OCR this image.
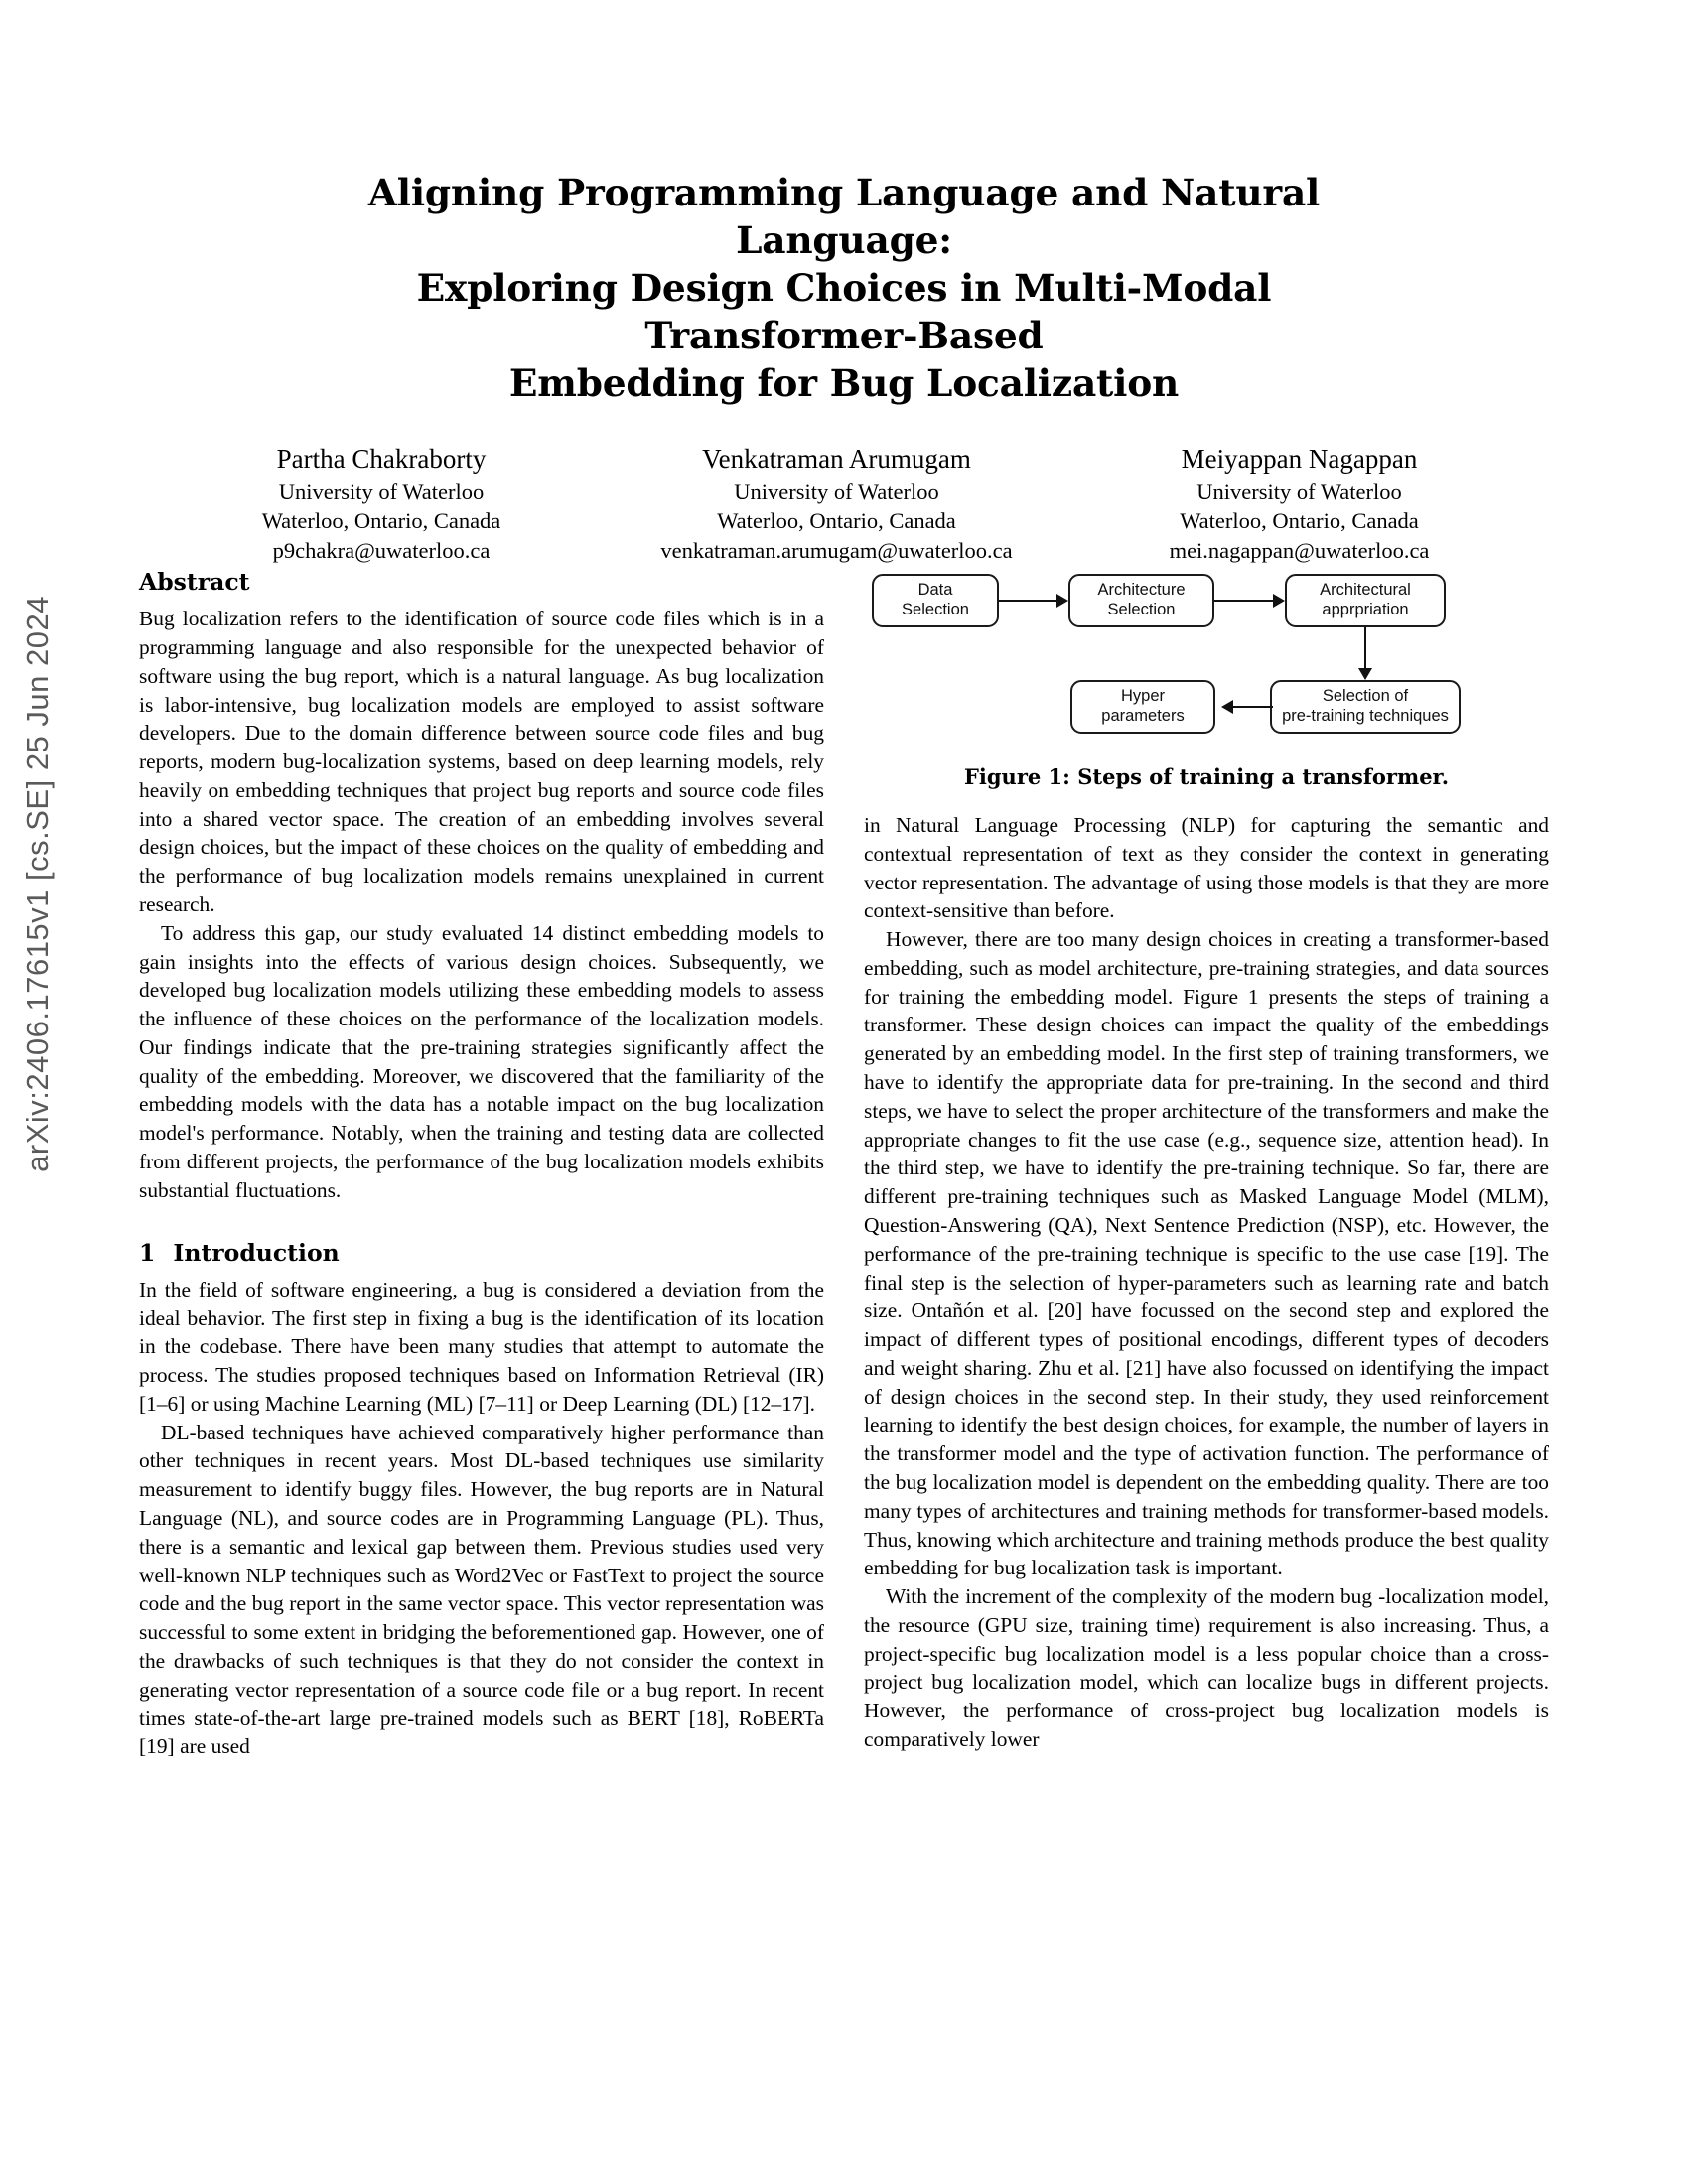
arXiv:2406.17615v1 [cs.SE] 25 Jun 2024
Aligning Programming Language and Natural Language:
Exploring Design Choices in Multi-Modal Transformer-Based
Embedding for Bug Localization
Partha Chakraborty
University of Waterloo
Waterloo, Ontario, Canada
p9chakra@uwaterloo.ca
Venkatraman Arumugam
University of Waterloo
Waterloo, Ontario, Canada
venkatraman.arumugam@uwaterloo.ca
Meiyappan Nagappan
University of Waterloo
Waterloo, Ontario, Canada
mei.nagappan@uwaterloo.ca
Abstract

Bug localization refers to the identification of source code files which is in a programming language and also responsible for the unexpected behavior of software using the bug report, which is a natural language. As bug localization is labor-intensive, bug localization models are employed to assist software developers. Due to the domain difference between source code files and bug reports, modern bug-localization systems, based on deep learning models, rely heavily on embedding techniques that project bug reports and source code files into a shared vector space. The creation of an embedding involves several design choices, but the impact of these choices on the quality of embedding and the performance of bug localization models remains unexplained in current research.

To address this gap, our study evaluated 14 distinct embedding models to gain insights into the effects of various design choices. Subsequently, we developed bug localization models utilizing these embedding models to assess the influence of these choices on the performance of the localization models. Our findings indicate that the pre-training strategies significantly affect the quality of the embedding. Moreover, we discovered that the familiarity of the embedding models with the data has a notable impact on the bug localization model's performance. Notably, when the training and testing data are collected from different projects, the performance of the bug localization models exhibits substantial fluctuations.

1 Introduction

In the field of software engineering, a bug is considered a deviation from the ideal behavior. The first step in fixing a bug is the identification of its location in the codebase. There have been many studies that attempt to automate the process. The studies proposed techniques based on Information Retrieval (IR) [1–6] or using Machine Learning (ML) [7–11] or Deep Learning (DL) [12–17].

DL-based techniques have achieved comparatively higher performance than other techniques in recent years. Most DL-based techniques use similarity measurement to identify buggy files. However, the bug reports are in Natural Language (NL), and source codes are in Programming Language (PL). Thus, there is a semantic and lexical gap between them. Previous studies used very well-known NLP techniques such as Word2Vec or FastText to project the source code and the bug report in the same vector space. This vector representation was successful to some extent in bridging the beforementioned gap. However, one of the drawbacks of such techniques is that they do not consider the context in generating vector representation of a source code file or a bug report. In recent times state-of-the-art large pre-trained models such as BERT [18], RoBERTa [19] are used

Data
Selection
Architecture
Selection
Architectural
apprpriation
Selection of
pre-training techniques
Hyper
parameters
Figure 1: Steps of training a transformer.

in Natural Language Processing (NLP) for capturing the semantic and contextual representation of text as they consider the context in generating vector representation. The advantage of using those models is that they are more context-sensitive than before.

However, there are too many design choices in creating a transformer-based embedding, such as model architecture, pre-training strategies, and data sources for training the embedding model. Figure 1 presents the steps of training a transformer. These design choices can impact the quality of the embeddings generated by an embedding model. In the first step of training transformers, we have to identify the appropriate data for pre-training. In the second and third steps, we have to select the proper architecture of the transformers and make the appropriate changes to fit the use case (e.g., sequence size, attention head). In the third step, we have to identify the pre-training technique. So far, there are different pre-training techniques such as Masked Language Model (MLM), Question-Answering (QA), Next Sentence Prediction (NSP), etc. However, the performance of the pre-training technique is specific to the use case [19]. The final step is the selection of hyper-parameters such as learning rate and batch size. Ontañón et al. [20] have focussed on the second step and explored the impact of different types of positional encodings, different types of decoders and weight sharing. Zhu et al. [21] have also focussed on identifying the impact of design choices in the second step. In their study, they used reinforcement learning to identify the best design choices, for example, the number of layers in the transformer model and the type of activation function. The performance of the bug localization model is dependent on the embedding quality. There are too many types of architectures and training methods for transformer-based models. Thus, knowing which architecture and training methods produce the best quality embedding for bug localization task is important.

With the increment of the complexity of the modern bug -localization model, the resource (GPU size, training time) requirement is also increasing. Thus, a project-specific bug localization model is a less popular choice than a cross-project bug localization model, which can localize bugs in different projects. However, the performance of cross-project bug localization models is comparatively lower
